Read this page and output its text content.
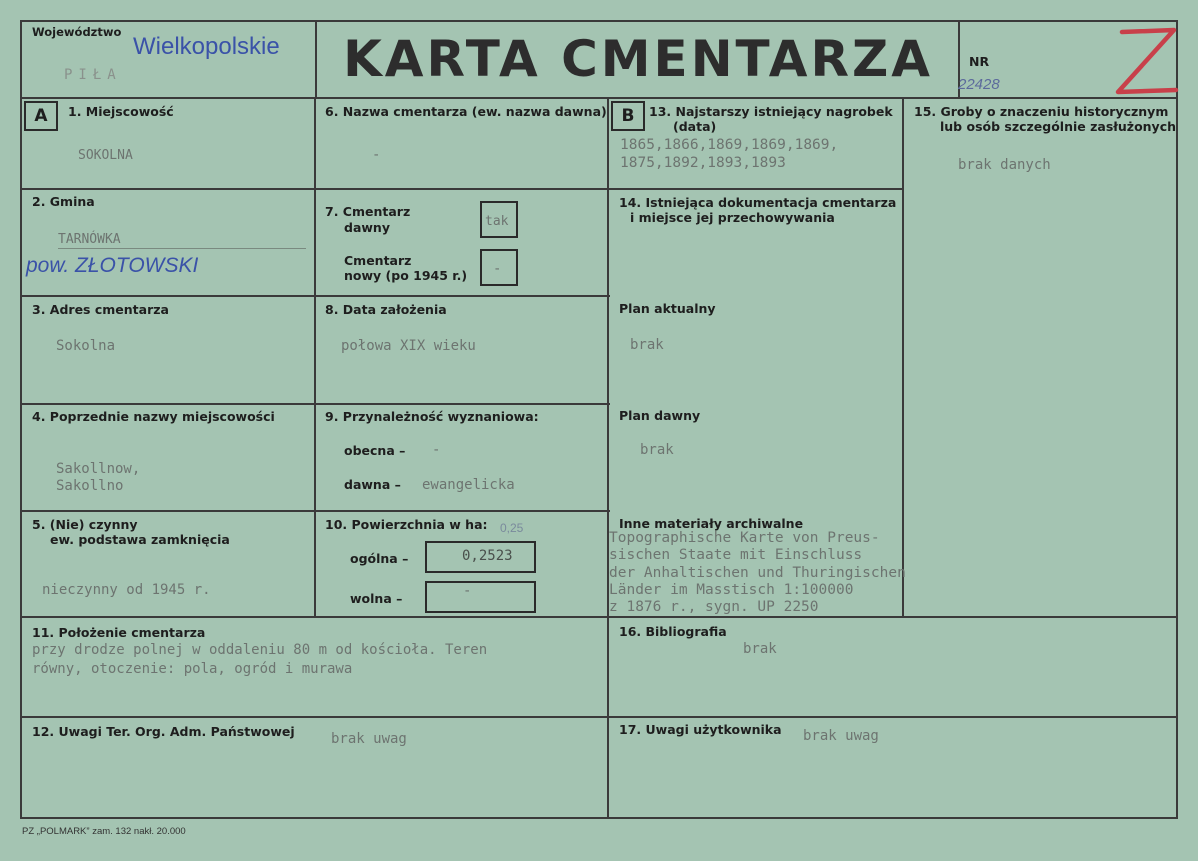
Województwo
Wielkopolskie
PIŁA	KARTA CMENTARZA	NR
22428
A	B
1. Miejscowość
SOKOLNA
2. Gmina
TARNÓWKA
pow. ZŁOTOWSKI
3. Adres cmentarza
Sokolna
4. Poprzednie nazwy miejscowości
Sakollnow,
Sakollno
5. (Nie) czynny
ew. podstawa zamknięcia
nieczynny od 1945 r.
6. Nazwa cmentarza (ew. nazwa dawna)
-
7. Cmentarz
dawny	tak
Cmentarz
nowy (po 1945 r.) -
8. Data założenia
połowa XIX wieku
9. Przynależność wyznaniowa:
obecna – -
dawna – ewangelicka
10. Powierzchnia w ha: 0,25
ogólna –	0,2523
wolna –	-
11. Położenie cmentarza
przy drodze polnej w oddaleniu 80 m od kościoła. Teren
równy, otoczenie: pola, ogród i murawa
12. Uwagi Ter. Org. Adm. Państwowej	brak uwag
13. Najstarszy istniejący nagrobek
(data)
1865,1866,1869,1869,1869,
1875,1892,1893,1893
14. Istniejąca dokumentacja cmentarza
i miejsce jej przechowywania
Plan aktualny
brak
Plan dawny
brak
Inne materiały archiwalne
Topographische Karte von Preus-
sischen Staate mit Einschluss
der Anhaltischen und Thuringischen
Länder im Masstisch 1:100000
z 1876 r., sygn. UP 2250
15. Groby o znaczeniu historycznym
lub osób szczególnie zasłużonych
brak danych
16. Bibliografia
brak
17. Uwagi użytkownika brak uwag
PZ „POLMARK” zam. 132 nakł. 20.000
